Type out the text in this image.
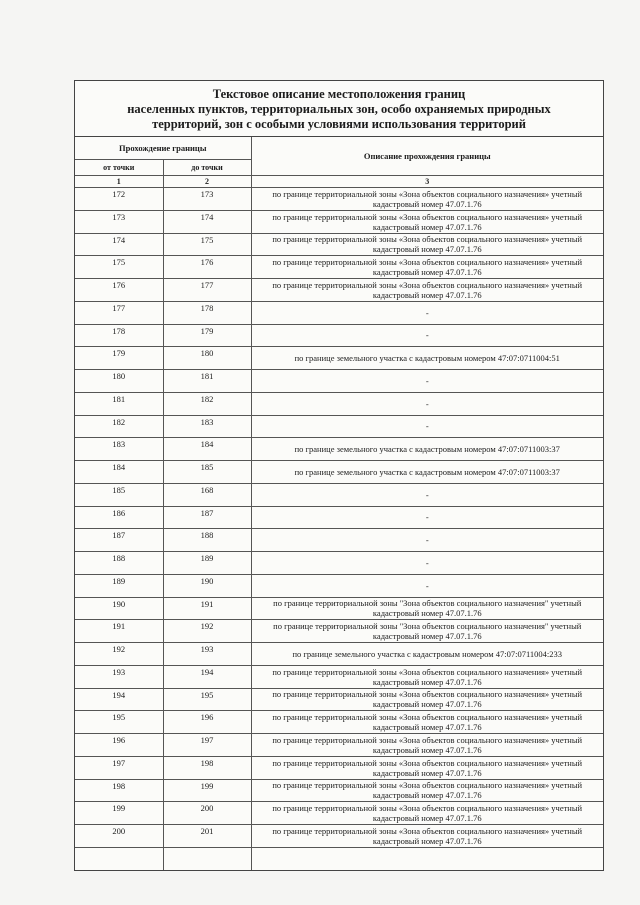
Текстовое описание местоположения границ
населенных пунктов, территориальных зон, особо охраняемых природных
территорий, зон с особыми условиями использования территорий
Прохождение границы		Описание прохождения границы
от точки	до точки	
1	2	3
172	173	по границе территориальной зоны «Зона объектов социального назначения» учетный кадастровый номер 47.07.1.76
173	174	по границе территориальной зоны «Зона объектов социального назначения» учетный кадастровый номер 47.07.1.76
174	175	по границе территориальной зоны «Зона объектов социального назначения» учетный кадастровый номер 47.07.1.76
175	176	по границе территориальной зоны «Зона объектов социального назначения» учетный кадастровый номер 47.07.1.76
176	177	по границе территориальной зоны «Зона объектов социального назначения» учетный кадастровый номер 47.07.1.76
177	178	-
178	179	-
179	180	по границе земельного участка с кадастровым номером 47:07:0711004:51
180	181	-
181	182	-
182	183	-
183	184	по границе земельного участка с кадастровым номером 47:07:0711003:37
184	185	по границе земельного участка с кадастровым номером 47:07:0711003:37
185	168	-
186	187	-
187	188	-
188	189	-
189	190	-
190	191	по границе территориальной зоны "Зона объектов социального назначения" учетный кадастровый номер 47.07.1.76
191	192	по границе территориальной зоны "Зона объектов социального назначения" учетный кадастровый номер 47.07.1.76
192	193	по границе земельного участка с кадастровым номером 47:07:0711004:233
193	194	по границе территориальной зоны «Зона объектов социального назначения» учетный кадастровый номер 47.07.1.76
194	195	по границе территориальной зоны «Зона объектов социального назначения» учетный кадастровый номер 47.07.1.76
195	196	по границе территориальной зоны «Зона объектов социального назначения» учетный кадастровый номер 47.07.1.76
196	197	по границе территориальной зоны «Зона объектов социального назначения» учетный кадастровый номер 47.07.1.76
197	198	по границе территориальной зоны «Зона объектов социального назначения» учетный кадастровый номер 47.07.1.76
198	199	по границе территориальной зоны «Зона объектов социального назначения» учетный кадастровый номер 47.07.1.76
199	200	по границе территориальной зоны «Зона объектов социального назначения» учетный кадастровый номер 47.07.1.76
200	201	по границе территориальной зоны «Зона объектов социального назначения» учетный кадастровый номер 47.07.1.76
